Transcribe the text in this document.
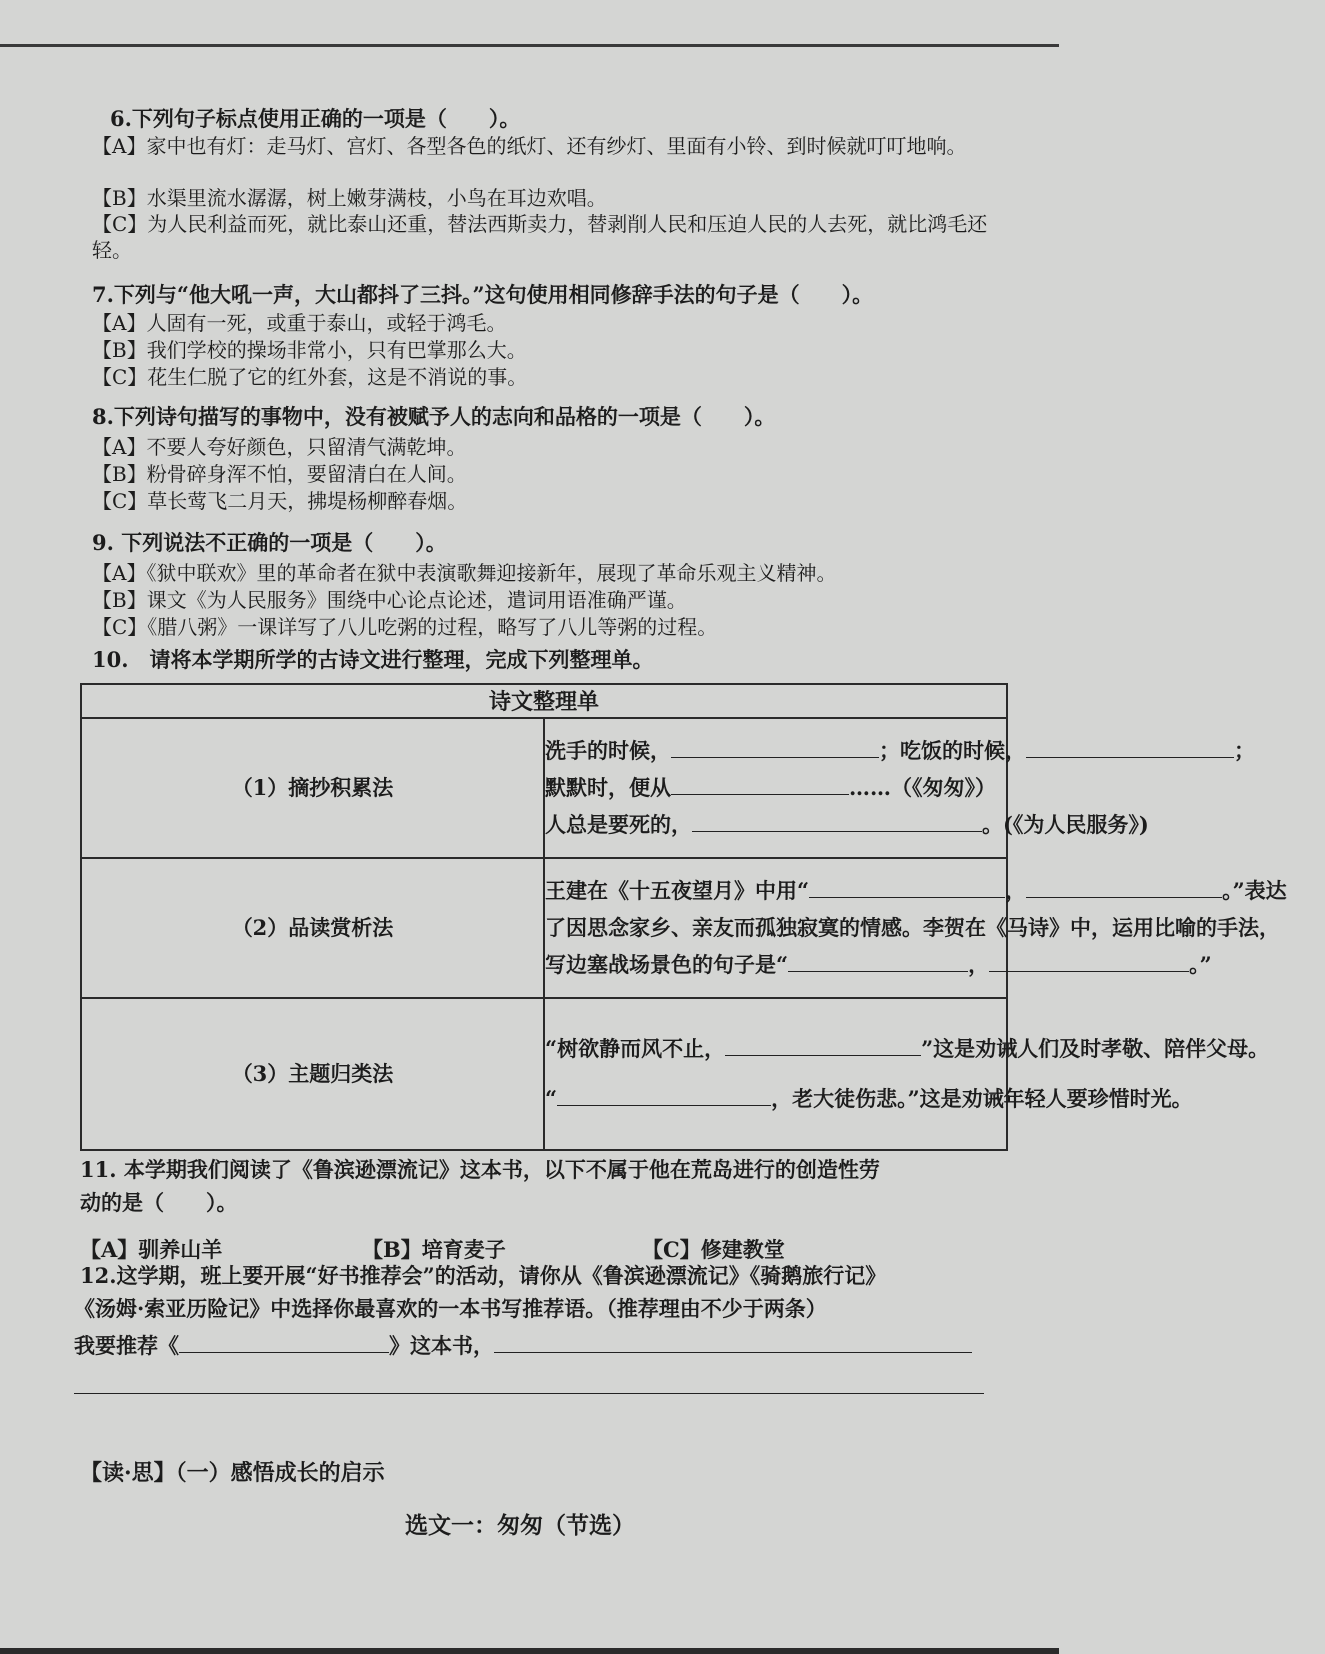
6.下列句子标点使用正确的一项是（　　）。
【A】家中也有灯：走马灯、宫灯、各型各色的纸灯、还有纱灯、里面有小铃、到时候就叮叮地响。
【B】水渠里流水潺潺，树上嫩芽满枝，小鸟在耳边欢唱。
【C】为人民利益而死，就比泰山还重，替法西斯卖力，替剥削人民和压迫人民的人去死，就比鸿毛还轻。
7.下列与“他大吼一声，大山都抖了三抖。”这句使用相同修辞手法的句子是（　　）。
【A】人固有一死，或重于泰山，或轻于鸿毛。
【B】我们学校的操场非常小，只有巴掌那么大。
【C】花生仁脱了它的红外套，这是不消说的事。
8.下列诗句描写的事物中，没有被赋予人的志向和品格的一项是（　　）。
【A】不要人夸好颜色，只留清气满乾坤。
【B】粉骨碎身浑不怕，要留清白在人间。
【C】草长莺飞二月天，拂堤杨柳醉春烟。
9. 下列说法不正确的一项是（　　）。
【A】《狱中联欢》里的革命者在狱中表演歌舞迎接新年，展现了革命乐观主义精神。
【B】课文《为人民服务》围绕中心论点论述，遣词用语准确严谨。
【C】《腊八粥》一课详写了八儿吃粥的过程，略写了八儿等粥的过程。
10.　请将本学期所学的古诗文进行整理，完成下列整理单。
诗文整理单	
（1）摘抄积累法	洗手的时候， ；吃饭的时候， ；
默默时，便从 ……（《匆匆》）
人总是要死的， 。(《为人民服务》)

（2）品读赏析法	王建在《十五夜望月》中用“ ， 。”表达
了因思念家乡、亲友而孤独寂寞的情感。李贺在《马诗》中，运用比喻的手法，
写边塞战场景色的句子是“ ， 。”

（3）主题归类法	“树欲静而风不止， ”这是劝诫人们及时孝敬、陪伴父母。
“ ，老大徒伤悲。”这是劝诫年轻人要珍惜时光。
11. 本学期我们阅读了《鲁滨逊漂流记》这本书，以下不属于他在荒岛进行的创造性劳
动的是（　　）。
【A】驯养山羊	【B】培育麦子	【C】修建教堂
12.这学期，班上要开展“好书推荐会”的活动，请你从《鲁滨逊漂流记》《骑鹅旅行记》
《汤姆·索亚历险记》中选择你最喜欢的一本书写推荐语。（推荐理由不少于两条）
我要推荐《	》这本书，
【读·思】（一）感悟成长的启示
选文一：匆匆（节选）
